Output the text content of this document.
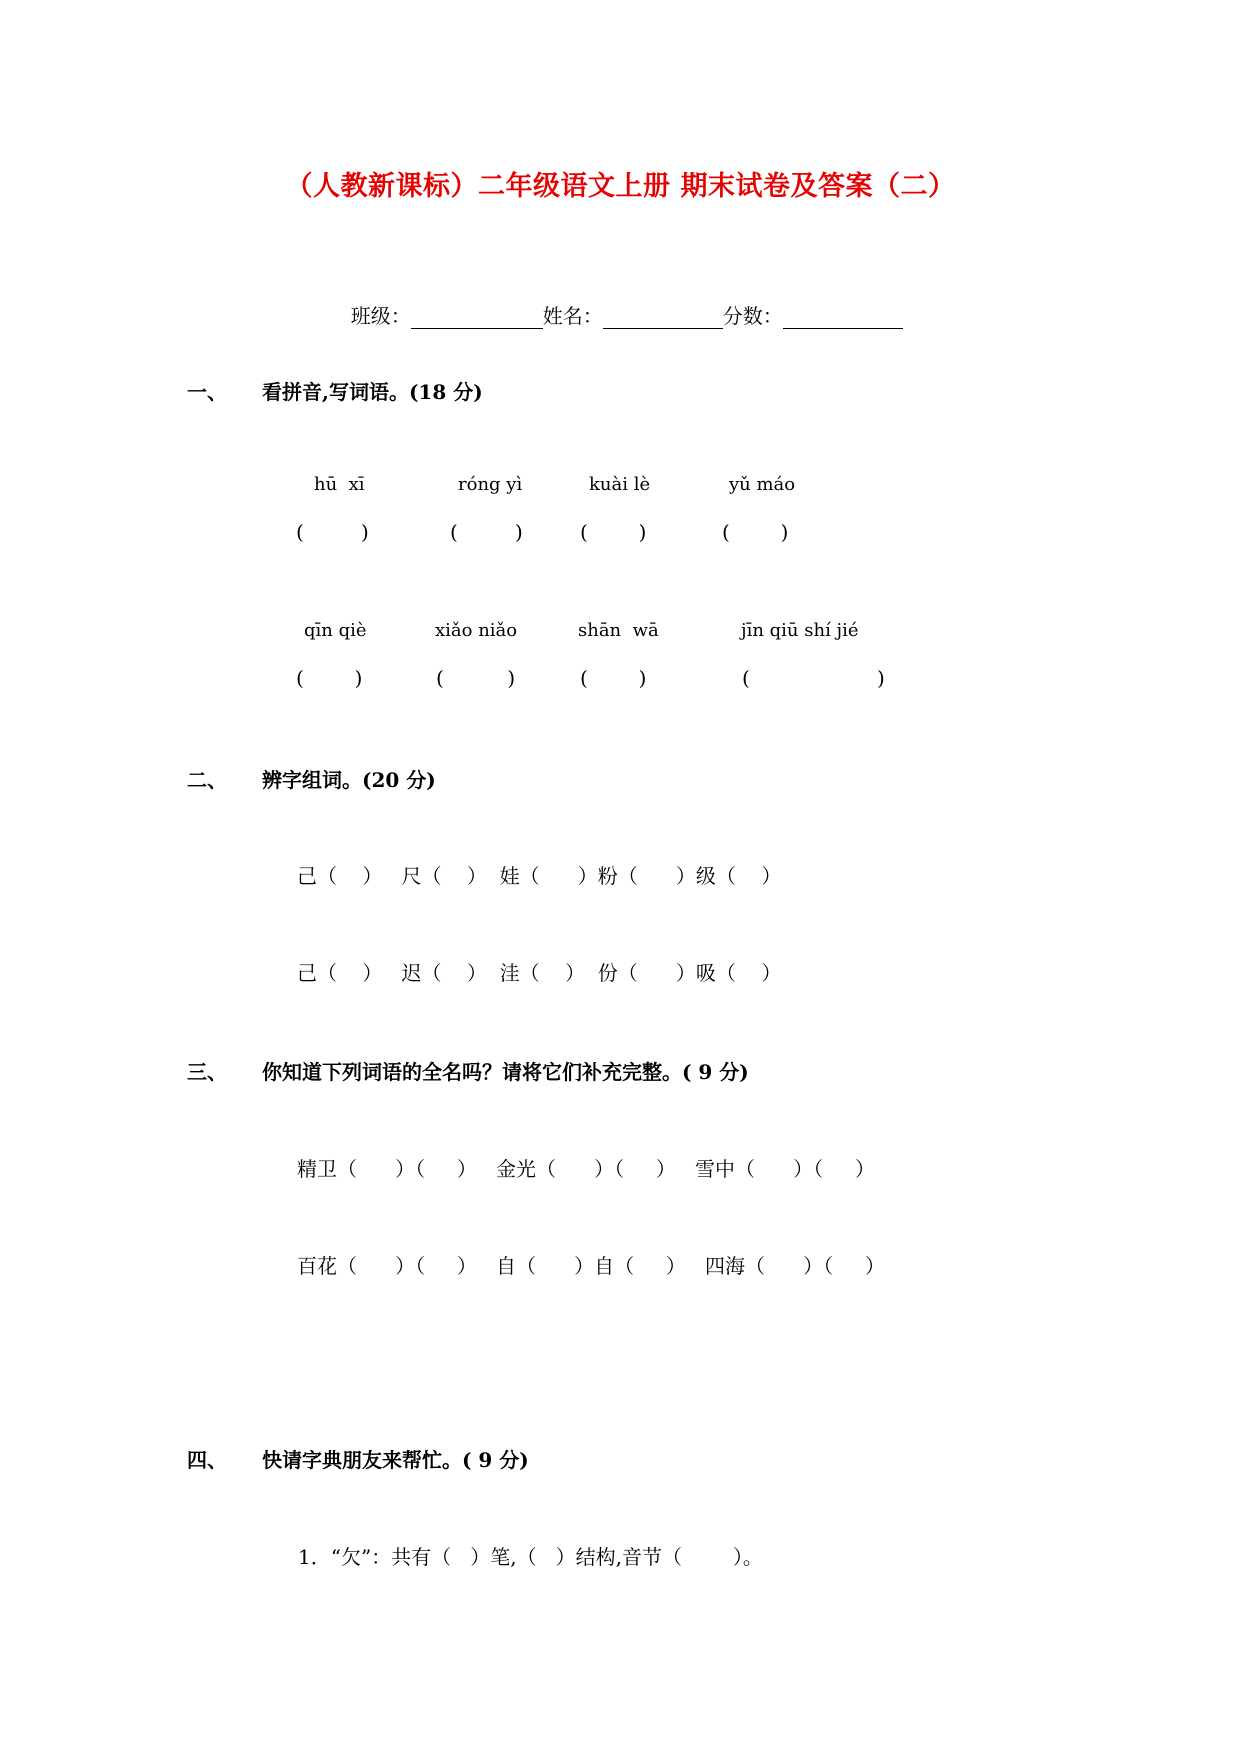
（人教新课标）二年级语文上册 期末试卷及答案（二）

班级：	姓名：	分数：

一、 看拼音,写词语。(18 分)
hū  xī	róng yì	kuài lè	yǔ máo
(         )	(         )	(        )	(        )
qīn qiè	xiǎo niǎo	shān  wā	jīn qiū shí jié
(        )	(          )	(        )	(                    )
二、 辨字组词。(20 分)
己（    ）   尺（    ）  娃（      ）粉（      ）级（    ）
己（    ）   迟（    ）  洼（    ）  份（      ）吸（    ）
三、 你知道下列词语的全名吗？请将它们补充完整。( 9 分)
精卫（      ）（     ）   金光（      ）（     ）   雪中（      ）（     ）
百花（      ）（     ）   自（      ）自（     ）   四海（      ）（     ）
四、 快请字典朋友来帮忙。( 9 分)
1．“欠”：共有（   ）笔,（   ）结构,音节（        ）。
